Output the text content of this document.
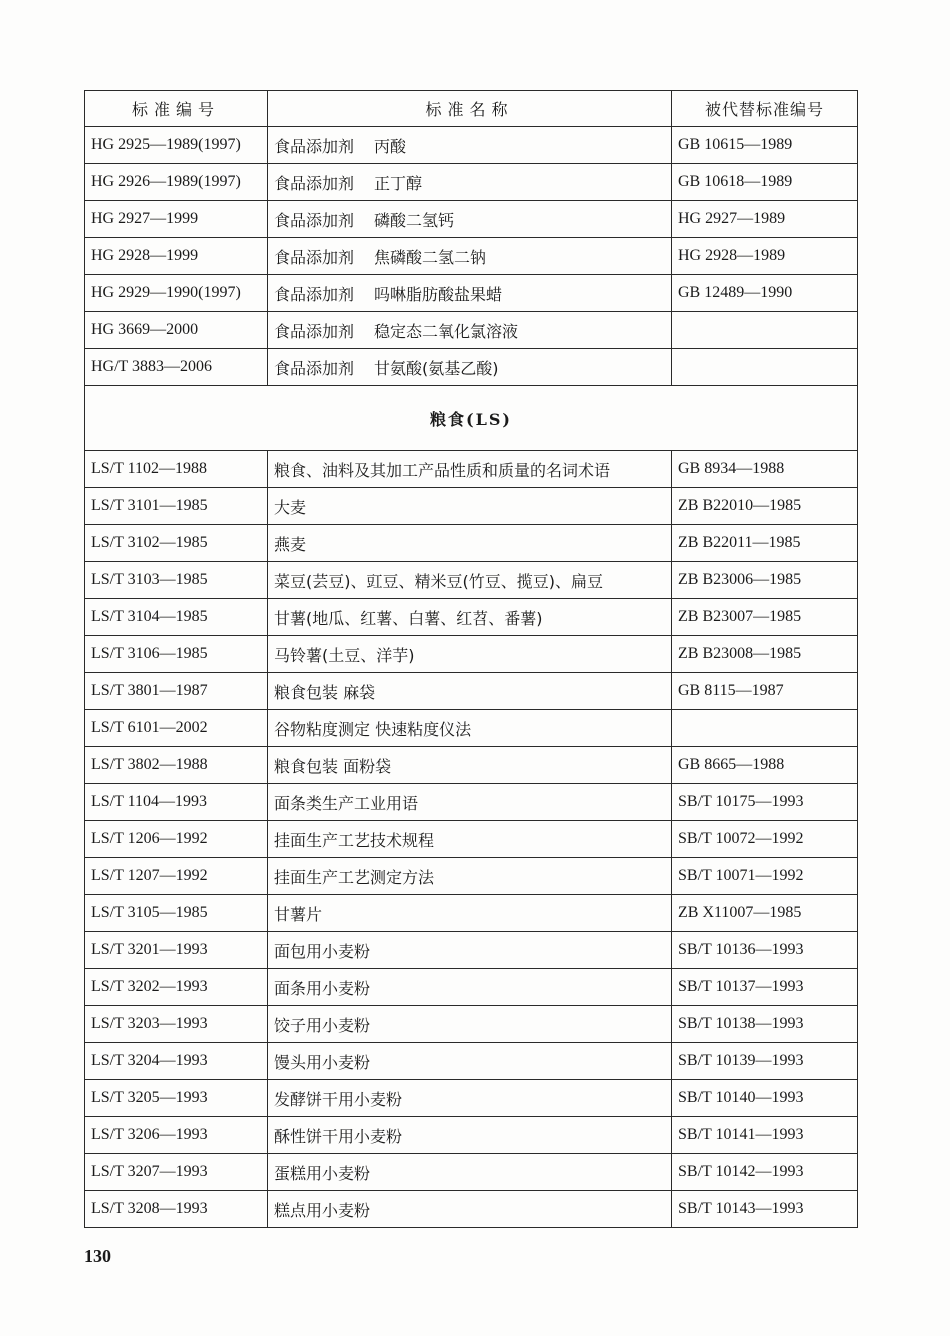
标准编号	标准名称	被代替标准编号
HG 2925—1989(1997)	食品添加剂 丙酸	GB 10615—1989
HG 2926—1989(1997)	食品添加剂 正丁醇	GB 10618—1989
HG 2927—1999	食品添加剂 磷酸二氢钙	HG 2927—1989
HG 2928—1999	食品添加剂 焦磷酸二氢二钠	HG 2928—1989
HG 2929—1990(1997)	食品添加剂 吗啉脂肪酸盐果蜡	GB 12489—1990
HG 3669—2000	食品添加剂 稳定态二氧化氯溶液	
HG/T 3883—2006	食品添加剂 甘氨酸(氨基乙酸)	
粮食(LS)		
LS/T 1102—1988	粮食、油料及其加工产品性质和质量的名词术语	GB 8934—1988
LS/T 3101—1985	大麦	ZB B22010—1985
LS/T 3102—1985	燕麦	ZB B22011—1985
LS/T 3103—1985	菜豆(芸豆)、豇豆、精米豆(竹豆、揽豆)、扁豆	ZB B23006—1985
LS/T 3104—1985	甘薯(地瓜、红薯、白薯、红苕、番薯)	ZB B23007—1985
LS/T 3106—1985	马铃薯(土豆、洋芋)	ZB B23008—1985
LS/T 3801—1987	粮食包装 麻袋	GB 8115—1987
LS/T 6101—2002	谷物粘度测定 快速粘度仪法	
LS/T 3802—1988	粮食包装 面粉袋	GB 8665—1988
LS/T 1104—1993	面条类生产工业用语	SB/T 10175—1993
LS/T 1206—1992	挂面生产工艺技术规程	SB/T 10072—1992
LS/T 1207—1992	挂面生产工艺测定方法	SB/T 10071—1992
LS/T 3105—1985	甘薯片	ZB X11007—1985
LS/T 3201—1993	面包用小麦粉	SB/T 10136—1993
LS/T 3202—1993	面条用小麦粉	SB/T 10137—1993
LS/T 3203—1993	饺子用小麦粉	SB/T 10138—1993
LS/T 3204—1993	馒头用小麦粉	SB/T 10139—1993
LS/T 3205—1993	发酵饼干用小麦粉	SB/T 10140—1993
LS/T 3206—1993	酥性饼干用小麦粉	SB/T 10141—1993
LS/T 3207—1993	蛋糕用小麦粉	SB/T 10142—1993
LS/T 3208—1993	糕点用小麦粉	SB/T 10143—1993
130
